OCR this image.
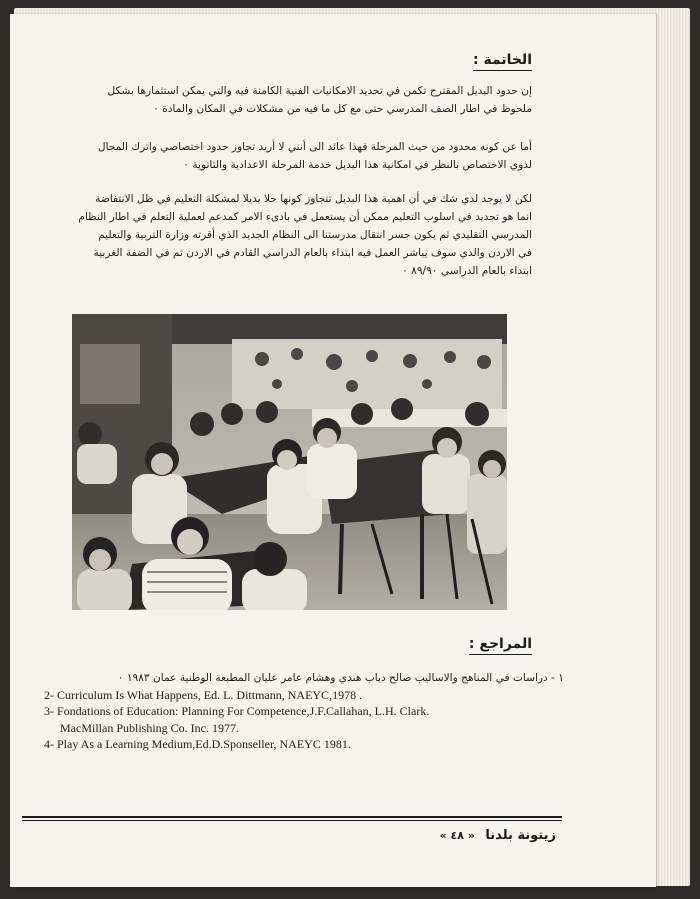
الخاتمة :
إن حدود البديل المقترح تكمن في تحديد الامكانيات الفنية الكامنة فيه والتي يمكن استثمارها بشكل
ملحوظ في اطار الصف المدرسي حتى مع كل ما فيه من مشكلات في المكان والمادة ٠
أما عن كونه محدود من حيث المرحلة فهذا عائد الى أنني لا أريد تجاوز حدود اختصاصي واترك المجال
لذوي الاختصاص بالنظر في امكانية هذا البديل خدمة المرحلة الاعدادية والثانوية ٠
لكن لا يوجد لدي شك في أن اهمية هذا البديل تتجاوز كونها حلا بديلا لمشكلة التعليم في ظل الانتفاضة
انما هو تجديد في اسلوب التعليم ممكن أن يستعمل في بادىء الامر كمدعم لعملية التعلم في اطار النظام
المدرسي التقليدي ثم يكون جسر انتقال مدرستنا الى النظام الجديد الذي أقرته وزارة التربية والتعليم
في الاردن والذي سوف يباشر العمل فيه ابتداء بالعام الدراسي القادم في الاردن ثم في الضفة الغربية
ابتداء بالعام الدراسي ٨٩/٩٠ ٠
المراجع :
١ - دراسات في المناهج والاساليب صالح دياب هندي وهشام عامر عليان المطبعة الوطنية عمان ١٩٨٣ ٠
2- Curriculum Is What Happens, Ed. L. Dittmann, NAEYC,1978 .
3- Fondations of Education: Planning For Competence,J.F.Callahan, L.H. Clark.
MacMillan Publishing Co. Inc. 1977.
4- Play As a Learning Medium,Ed.D.Sponseller, NAEYC 1981.
زيتونة بلدنا « ٤٨ »
